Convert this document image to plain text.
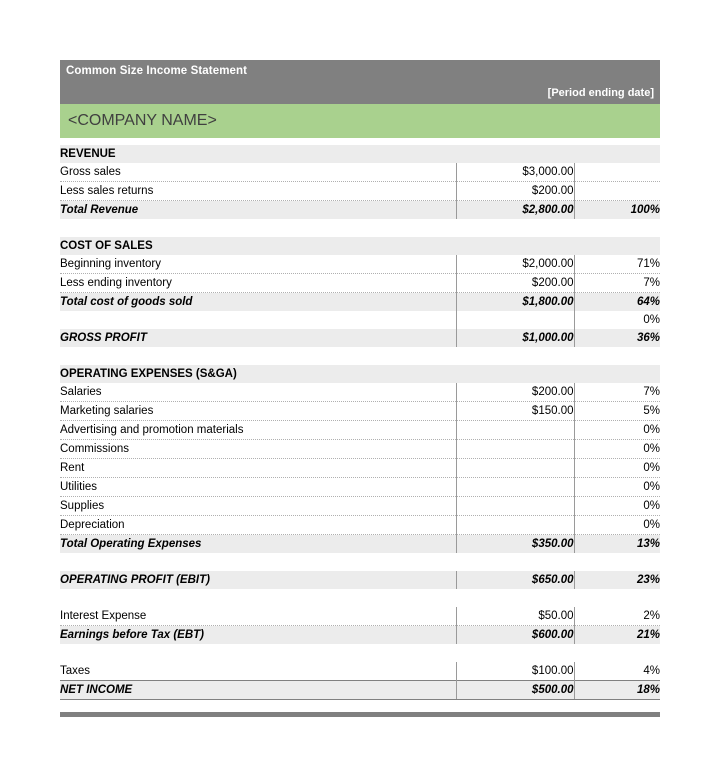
Common Size Income Statement
[Period ending date]
<COMPANY NAME>
REVENUE		
Gross sales	$3,000.00	
Less sales returns	$200.00	
Total Revenue	$2,800.00	100%

COST OF SALES		
Beginning inventory	$2,000.00	71%
Less ending inventory	$200.00	7%
Total cost of goods sold	$1,800.00	64%
		0%
GROSS PROFIT	$1,000.00	36%

OPERATING EXPENSES (S&GA)		
Salaries	$200.00	7%
Marketing salaries	$150.00	5%
Advertising and promotion materials		0%
Commissions		0%
Rent		0%
Utilities		0%
Supplies		0%
Depreciation		0%
Total Operating Expenses	$350.00	13%

OPERATING PROFIT (EBIT)	$650.00	23%

Interest Expense	$50.00	2%
Earnings before Tax (EBT)	$600.00	21%

Taxes	$100.00	4%
NET INCOME	$500.00	18%
